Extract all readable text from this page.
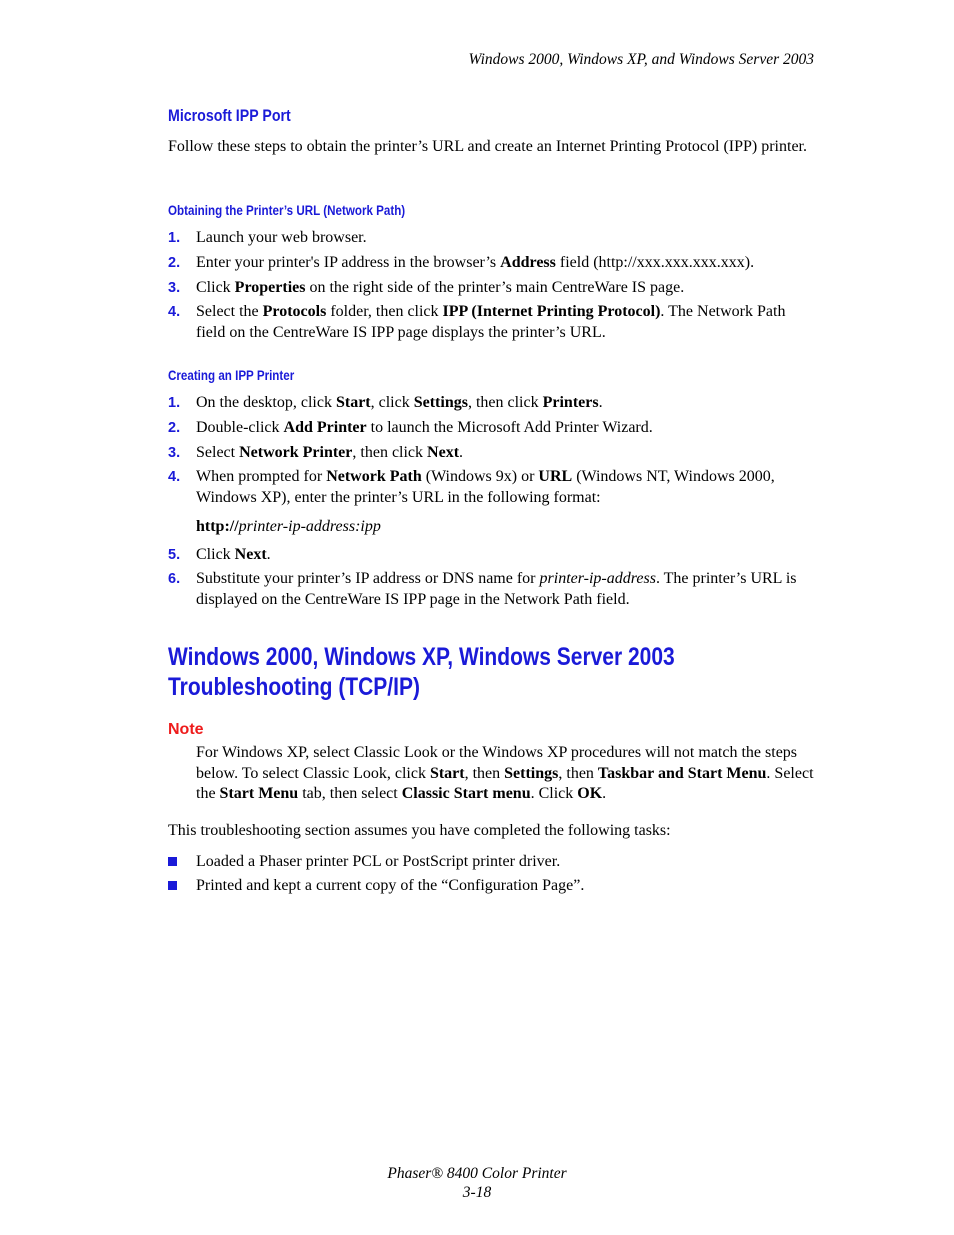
Windows 2000, Windows XP, and Windows Server 2003
Microsoft IPP Port
Follow these steps to obtain the printer’s URL and create an Internet Printing Protocol (IPP) printer.
Obtaining the Printer’s URL (Network Path)
1. Launch your web browser.
2. Enter your printer's IP address in the browser’s Address field (http://xxx.xxx.xxx.xxx).
3. Click Properties on the right side of the printer’s main CentreWare IS page.
4. Select the Protocols folder, then click IPP (Internet Printing Protocol). The Network Path field on the CentreWare IS IPP page displays the printer’s URL.
Creating an IPP Printer
1. On the desktop, click Start, click Settings, then click Printers.
2. Double-click Add Printer to launch the Microsoft Add Printer Wizard.
3. Select Network Printer, then click Next.
4. When prompted for Network Path (Windows 9x) or URL (Windows NT, Windows 2000, Windows XP), enter the printer’s URL in the following format:
http://printer-ip-address:ipp
5. Click Next.
6. Substitute your printer’s IP address or DNS name for printer-ip-address. The printer’s URL is displayed on the CentreWare IS IPP page in the Network Path field.
Windows 2000, Windows XP, Windows Server 2003
Troubleshooting (TCP/IP)
Note
For Windows XP, select Classic Look or the Windows XP procedures will not match the steps below. To select Classic Look, click Start, then Settings, then Taskbar and Start Menu. Select the Start Menu tab, then select Classic Start menu. Click OK.
This troubleshooting section assumes you have completed the following tasks:
Loaded a Phaser printer PCL or PostScript printer driver.
Printed and kept a current copy of the “Configuration Page”.
Phaser® 8400 Color Printer
3-18
